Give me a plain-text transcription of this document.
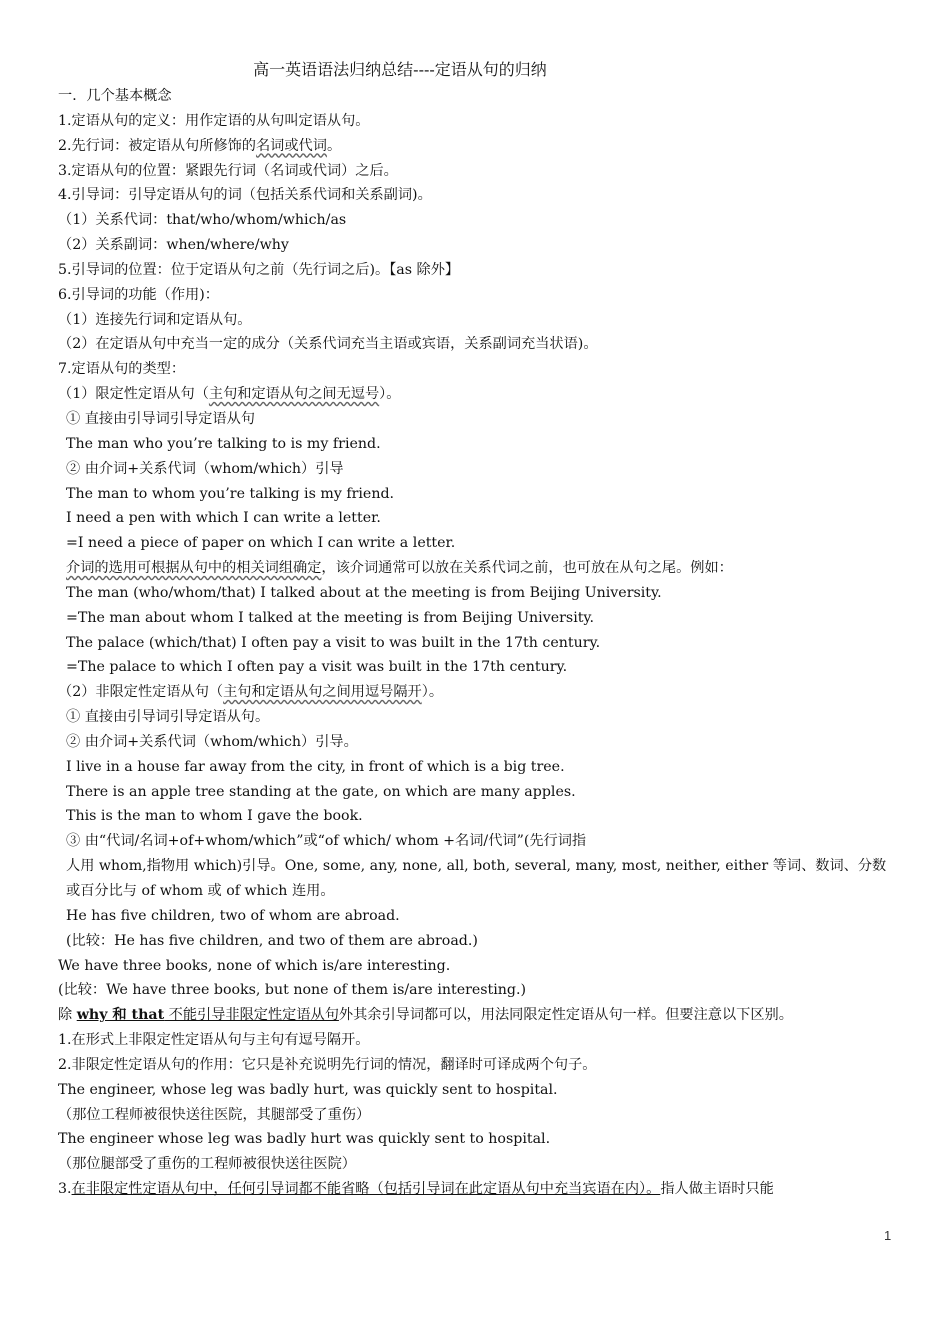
高一英语语法归纳总结----定语从句的归纳
一．几个基本概念
1.定语从句的定义：用作定语的从句叫定语从句。
2.先行词：被定语从句所修饰的名词或代词。
3.定语从句的位置：紧跟先行词（名词或代词）之后。
4.引导词：引导定语从句的词（包括关系代词和关系副词)。
（1）关系代词：that/who/whom/which/as
（2）关系副词：when/where/why
5.引导词的位置：位于定语从句之前（先行词之后)。【as 除外】
6.引导词的功能（作用)：
（1）连接先行词和定语从句。
（2）在定语从句中充当一定的成分（关系代词充当主语或宾语，关系副词充当状语)。
7.定语从句的类型：
（1）限定性定语从句（主句和定语从句之间无逗号）。
① 直接由引导词引导定语从句
The man who you’re talking to is my friend.
② 由介词+关系代词（whom/which）引导
The man to whom you’re talking is my friend.
I need a pen with which I can write a letter.
=I need a piece of paper on which I can write a letter.
介词的选用可根据从句中的相关词组确定，该介词通常可以放在关系代词之前，也可放在从句之尾。例如：
The man (who/whom/that) I talked about at the meeting is from Beijing University.
=The man about whom I talked at the meeting is from Beijing University.
The palace (which/that) I often pay a visit to was built in the 17th century.
=The palace to which I often pay a visit was built in the 17th century.
（2）非限定性定语从句（主句和定语从句之间用逗号隔开）。
① 直接由引导词引导定语从句。
② 由介词+关系代词（whom/which）引导。
I live in a house far away from the city, in front of which is a big tree.
There is an apple tree standing at the gate, on which are many apples.
This is the man to whom I gave the book.
③ 由“代词/名词+of+whom/which”或“of which/ whom +名词/代词”(先行词指
人用 whom,指物用 which)引导。One, some, any, none, all, both, several, many, most, neither, either 等词、数词、分数
或百分比与 of whom 或 of which 连用。
He has five children, two of whom are abroad.
(比较：He has five children, and two of them are abroad.)
We have three books, none of which is/are interesting.
(比较：We have three books, but none of them is/are interesting.)
除 why 和 that 不能引导非限定性定语从句外其余引导词都可以，用法同限定性定语从句一样。但要注意以下区别。
1.在形式上非限定性定语从句与主句有逗号隔开。
2.非限定性定语从句的作用：它只是补充说明先行词的情况，翻译时可译成两个句子。
The engineer, whose leg was badly hurt, was quickly sent to hospital.
（那位工程师被很快送往医院，其腿部受了重伤）
The engineer whose leg was badly hurt was quickly sent to hospital.
（那位腿部受了重伤的工程师被很快送往医院）
3.在非限定性定语从句中，任何引导词都不能省略（包括引导词在此定语从句中充当宾语在内）。指人做主语时只能
1
